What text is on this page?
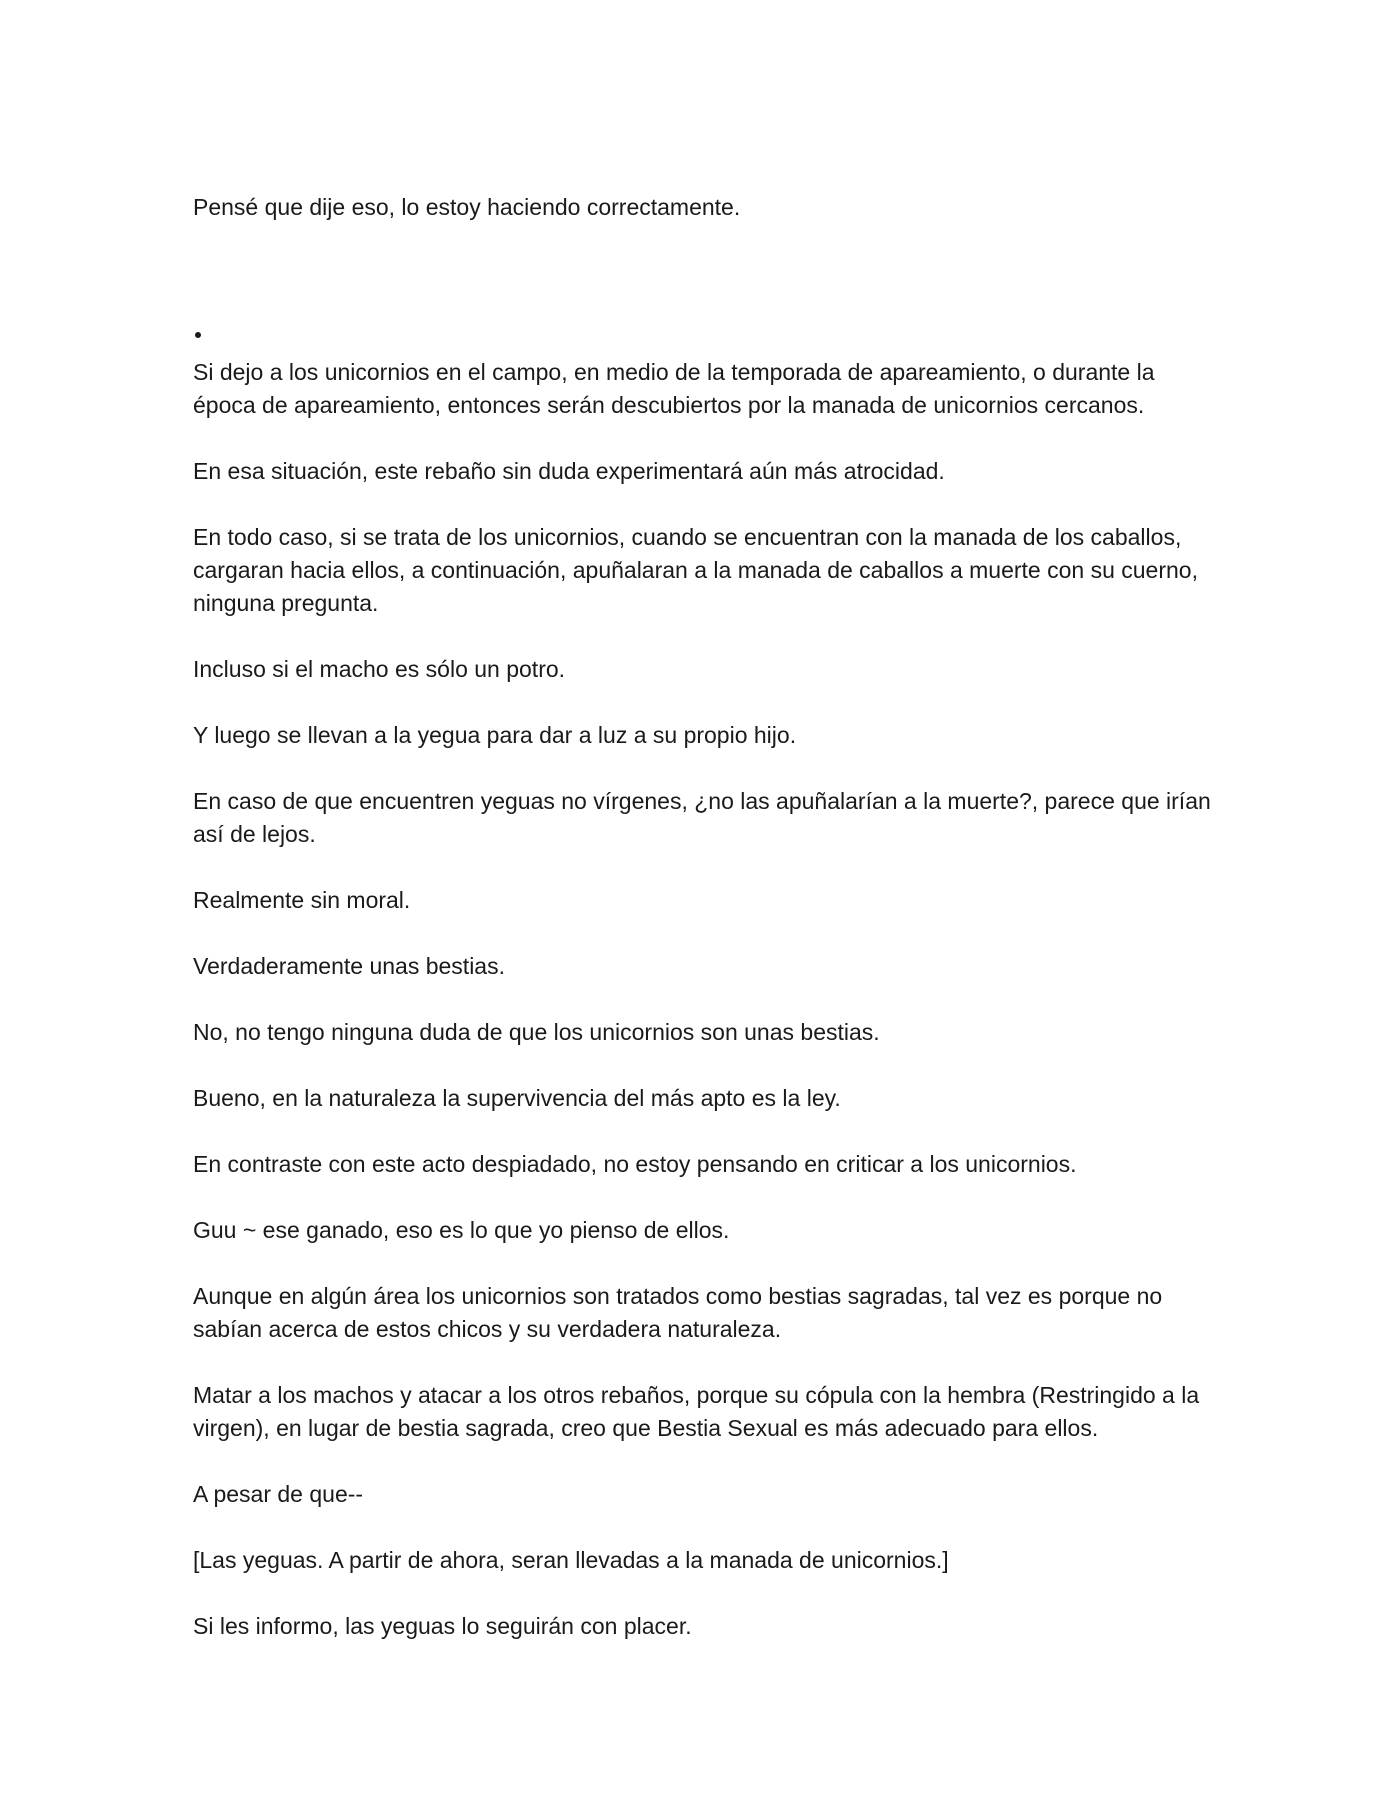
Pensé que dije eso, lo estoy haciendo correctamente.

Si dejo a los unicornios en el campo, en medio de la temporada de apareamiento, o durante la época de apareamiento, entonces serán descubiertos por la manada de unicornios cercanos.

En esa situación, este rebaño sin duda experimentará aún más atrocidad.

En todo caso, si se trata de los unicornios, cuando se encuentran con la manada de los caballos, cargaran hacia ellos, a continuación, apuñalaran a la manada de caballos a muerte con su cuerno, ninguna pregunta.

Incluso si el macho es sólo un potro.

Y luego se llevan a la yegua para dar a luz a su propio hijo.

En caso de que encuentren yeguas no vírgenes, ¿no las apuñalarían a la muerte?, parece que irían así de lejos.

Realmente sin moral.

Verdaderamente unas bestias.

No, no tengo ninguna duda de que los unicornios son unas bestias.

Bueno, en la naturaleza la supervivencia del más apto es la ley.

En contraste con este acto despiadado, no estoy pensando en criticar a los unicornios.

Guu ~ ese ganado, eso es lo que yo pienso de ellos.

Aunque en algún área los unicornios son tratados como bestias sagradas, tal vez es porque no sabían acerca de estos chicos y su verdadera naturaleza.

Matar a los machos y atacar a los otros rebaños, porque su cópula con la hembra (Restringido a la virgen), en lugar de bestia sagrada, creo que Bestia Sexual es más adecuado para ellos.

A pesar de que--

[Las yeguas. A partir de ahora, seran llevadas a la manada de unicornios.]

Si les informo, las yeguas lo seguirán con placer.
